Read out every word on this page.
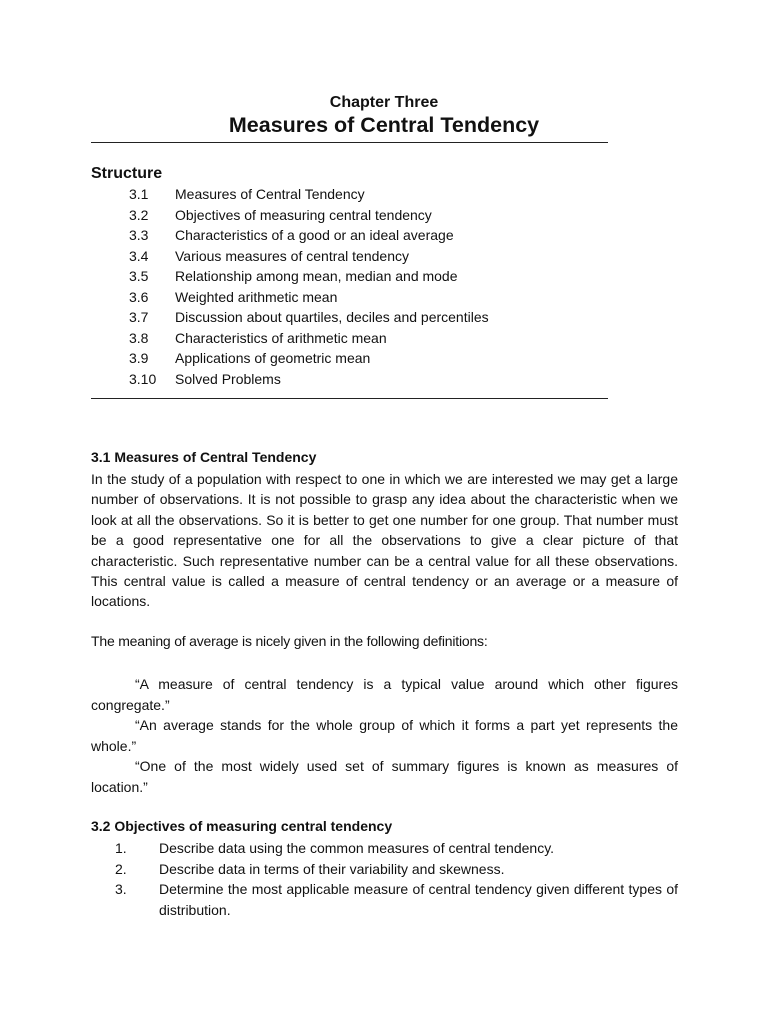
Chapter Three
Measures of Central Tendency
Structure
3.1 Measures of Central Tendency
3.2 Objectives of measuring central tendency
3.3 Characteristics of a good or an ideal average
3.4 Various measures of central tendency
3.5 Relationship among mean, median and mode
3.6 Weighted arithmetic mean
3.7 Discussion about quartiles, deciles and percentiles
3.8 Characteristics of arithmetic mean
3.9 Applications of geometric mean
3.10 Solved Problems
3.1 Measures of Central Tendency

In the study of a population with respect to one in which we are interested we may get a large number of observations. It is not possible to grasp any idea about the characteristic when we look at all the observations. So it is better to get one number for one group. That number must be a good representative one for all the observations to give a clear picture of that characteristic. Such representative number can be a central value for all these observations. This central value is called a measure of central tendency or an average or a measure of locations.

The meaning of average is nicely given in the following definitions:

“A measure of central tendency is a typical value around which other figures congregate.”

“An average stands for the whole group of which it forms a part yet represents the whole.”

“One of the most widely used set of summary figures is known as measures of location.”

3.2 Objectives of measuring central tendency
1. Describe data using the common measures of central tendency.
2. Describe data in terms of their variability and skewness.
3. Determine the most applicable measure of central tendency given different types of distribution.
